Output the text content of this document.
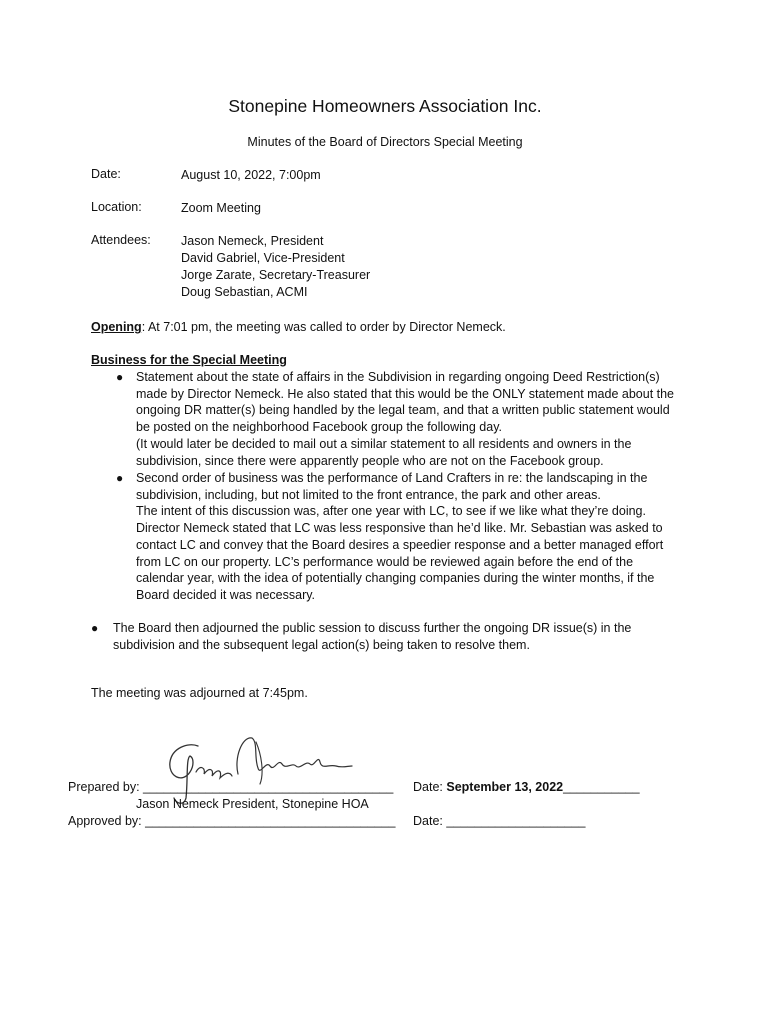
Stonepine Homeowners Association Inc.
Minutes of the Board of Directors Special Meeting
Date:	August 10, 2022, 7:00pm
Location:	Zoom Meeting
Attendees: Jason Nemeck, President
David Gabriel, Vice-President
Jorge Zarate, Secretary-Treasurer
Doug Sebastian, ACMI
Opening: At 7:01 pm, the meeting was called to order by Director Nemeck.
Business for the Special Meeting
● Statement about the state of affairs in the Subdivision in regarding ongoing Deed Restriction(s)
made by Director Nemeck. He also stated that this would be the ONLY statement made about the
ongoing DR matter(s) being handled by the legal team, and that a written public statement would
be posted on the neighborhood Facebook group the following day.
(It would later be decided to mail out a similar statement to all residents and owners in the
subdivision, since there were apparently people who are not on the Facebook group.
● Second order of business was the performance of Land Crafters in re: the landscaping in the
subdivision, including, but not limited to the front entrance, the park and other areas.
The intent of this discussion was, after one year with LC, to see if we like what they’re doing.
Director Nemeck stated that LC was less responsive than he’d like. Mr. Sebastian was asked to
contact LC and convey that the Board desires a speedier response and a better managed effort
from LC on our property. LC’s performance would be reviewed again before the end of the
calendar year, with the idea of potentially changing companies during the winter months, if the
Board decided it was necessary.
● The Board then adjourned the public session to discuss further the ongoing DR issue(s) in the
subdivision and the subsequent legal action(s) being taken to resolve them.
The meeting was adjourned at 7:45pm.
Prepared by: ____________________________________ Date: September 13, 2022___________
Jason Nemeck President, Stonepine HOA
Approved by: ____________________________________ Date: ____________________
